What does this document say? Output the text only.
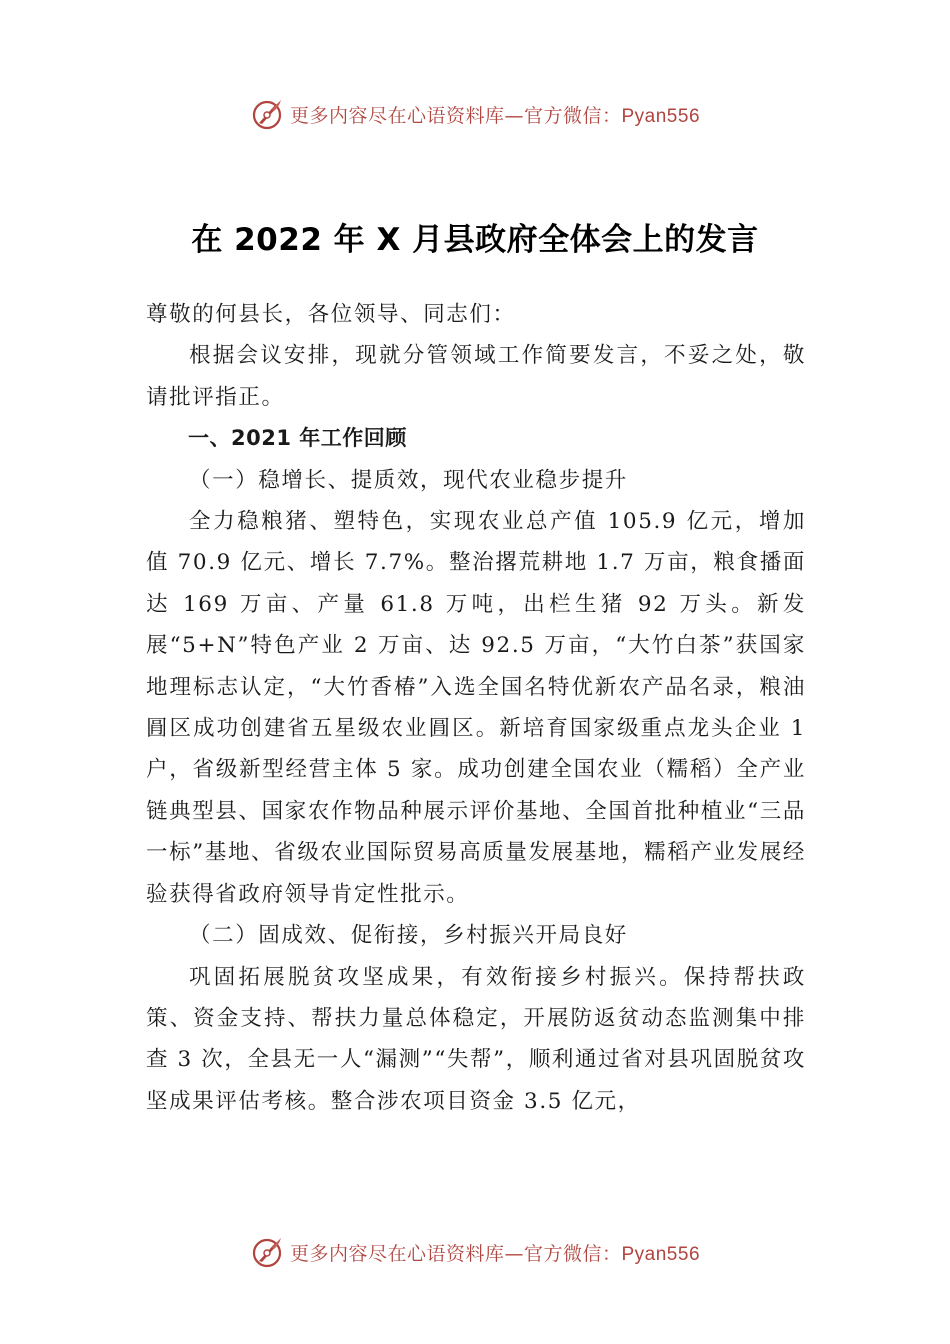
更多内容尽在心语资料库—官方微信：Pyan556
在 2022 年 X 月县政府全体会上的发言

尊敬的何县长，各位领导、同志们：

根据会议安排，现就分管领域工作简要发言，不妥之处，敬请批评指正。

一、2021 年工作回顾

（一）稳增长、提质效，现代农业稳步提升

全力稳粮猪、塑特色，实现农业总产值 105.9 亿元，增加值 70.9 亿元、增长 7.7%。整治撂荒耕地 1.7 万亩，粮食播面达 169 万亩、产量 61.8 万吨，出栏生猪 92 万头。新发展“5+N”特色产业 2 万亩、达 92.5 万亩，“大竹白茶”获国家地理标志认定，“大竹香椿”入选全国名特优新农产品名录，粮油㘣区成功创建省五星级农业㘣区。新培育国家级重点龙头企业 1 户，省级新型经营主体 5 家。成功创建全国农业（糯稻）全产业链典型县、国家农作物品种展示评价基地、全国首批种植业“三品一标”基地、省级农业国际贸易高质量发展基地，糯稻产业发展经验获得省政府领导肯定性批示。

（二）固成效、促衔接，乡村振兴开局良好

巩固拓展脱贫攻坚成果，有效衔接乡村振兴。保持帮扶政策、资金支持、帮扶力量总体稳定，开展防返贫动态监测集中排查 3 次，全县无一人“漏测”“失帮”，顺利通过省对县巩固脱贫攻坚成果评估考核。整合涉农项目资金 3.5 亿元，

更多内容尽在心语资料库—官方微信：Pyan556
